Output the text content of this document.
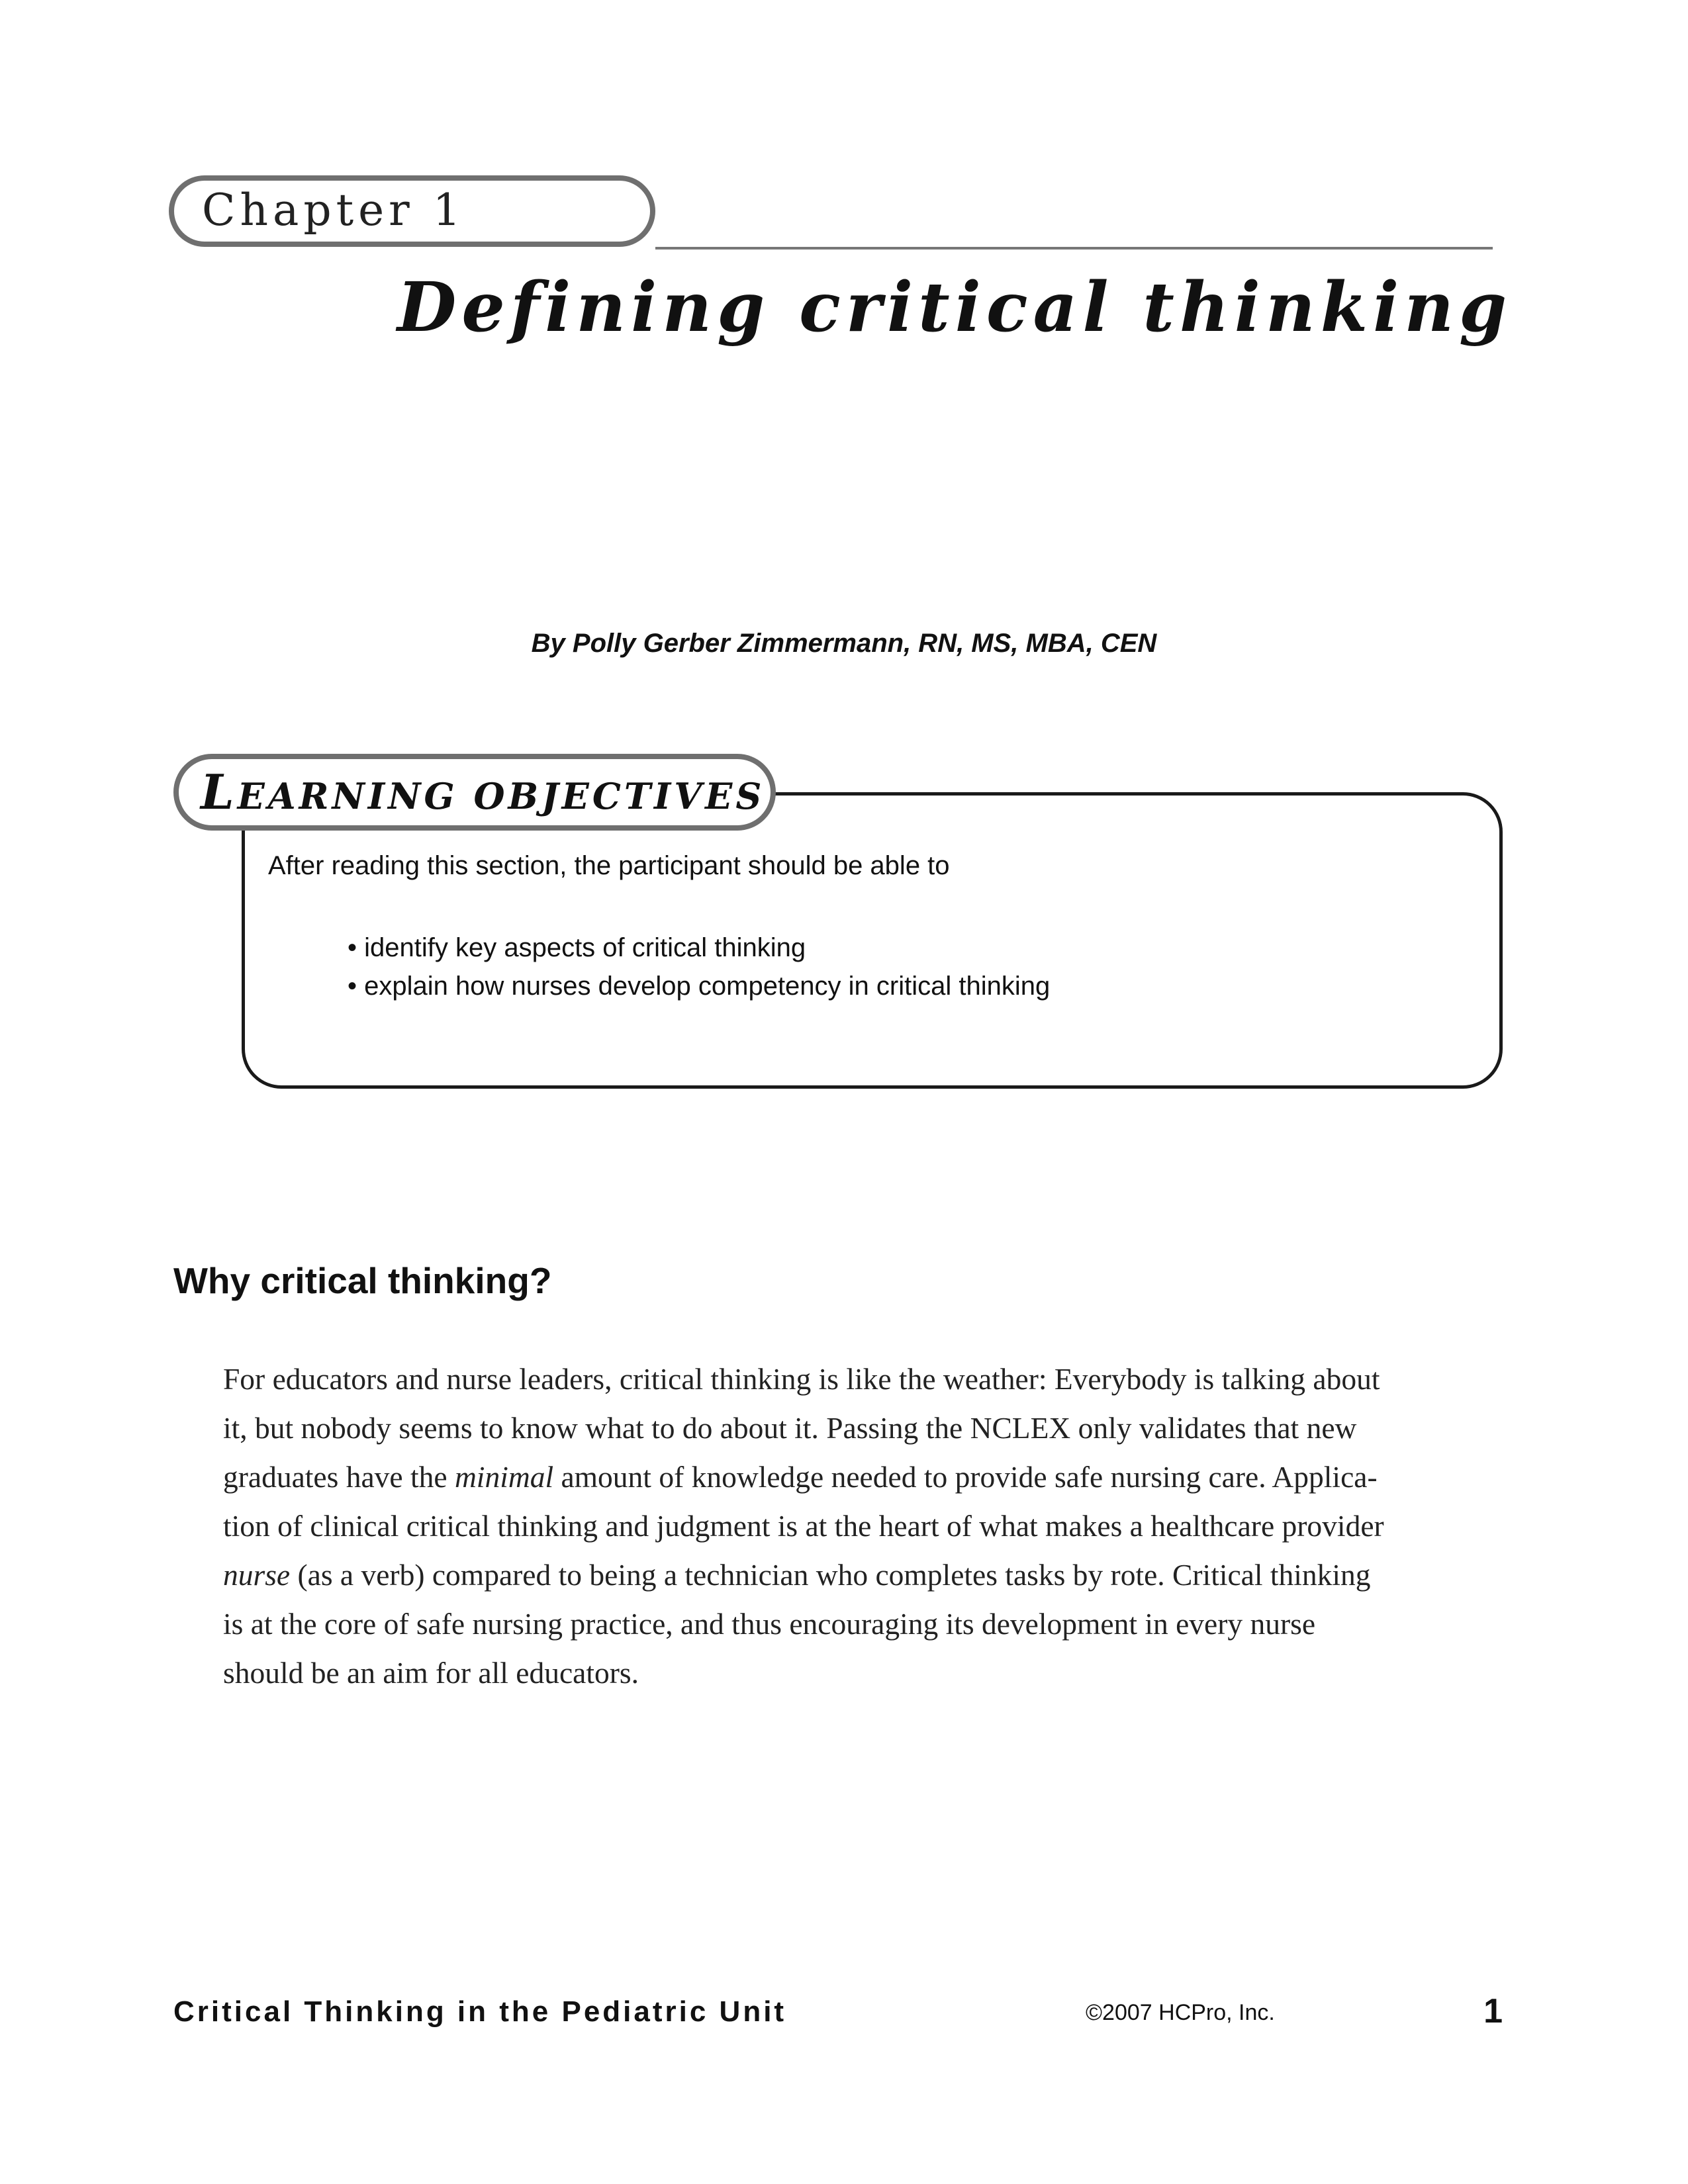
Chapter 1
Defining critical thinking
By Polly Gerber Zimmermann, RN, MS, MBA, CEN
LEARNING OBJECTIVES
After reading this section, the participant should be able to
• identify key aspects of critical thinking
• explain how nurses develop competency in critical thinking
Why critical thinking?

For educators and nurse leaders, critical thinking is like the weather: Everybody is talking about
it, but nobody seems to know what to do about it. Passing the NCLEX only validates that new
graduates have the minimal amount of knowledge needed to provide safe nursing care. Applica-
tion of clinical critical thinking and judgment is at the heart of what makes a healthcare provider
nurse (as a verb) compared to being a technician who completes tasks by rote. Critical thinking
is at the core of safe nursing practice, and thus encouraging its development in every nurse
should be an aim for all educators.

Critical Thinking in the Pediatric Unit	©2007 HCPro, Inc.	1
